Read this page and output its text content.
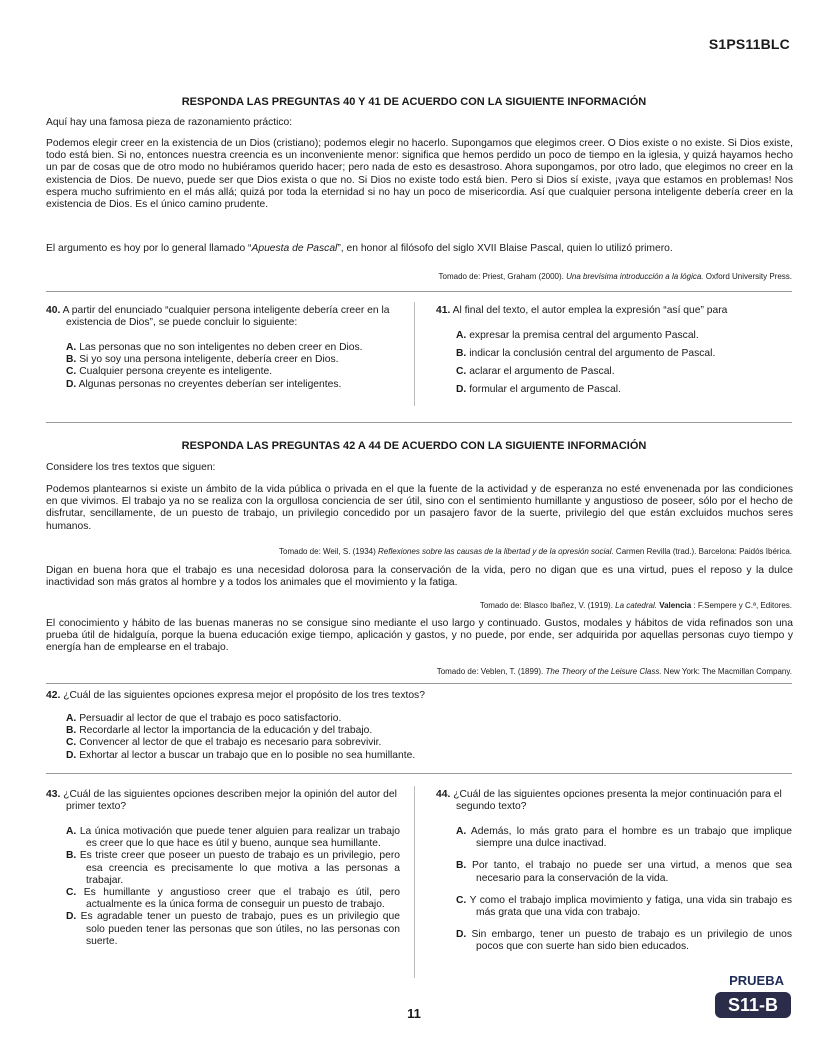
S1PS11BLC
RESPONDA LAS PREGUNTAS 40 Y 41 DE ACUERDO CON LA SIGUIENTE INFORMACIÓN
Aquí hay una famosa pieza de razonamiento práctico:
Podemos elegir creer en la existencia de un Dios (cristiano); podemos elegir no hacerlo. Supongamos que elegimos creer. O Dios existe o no existe. Si Dios existe, todo está bien. Si no, entonces nuestra creencia es un inconveniente menor: significa que hemos perdido un poco de tiempo en la iglesia, y quizá hayamos hecho un par de cosas que de otro modo no hubiéramos querido hacer; pero nada de esto es desastroso. Ahora supongamos, por otro lado, que elegimos no creer en la existencia de Dios. De nuevo, puede ser que Dios exista o que no. Si Dios no existe todo está bien. Pero si Dios sí existe, ¡vaya que estamos en problemas! Nos espera mucho sufrimiento en el más allá; quizá por toda la eternidad si no hay un poco de misericordia. Así que cualquier persona inteligente debería creer en la existencia de Dios. Es el único camino prudente.
El argumento es hoy por lo general llamado “Apuesta de Pascal”, en honor al filósofo del siglo XVII Blaise Pascal, quien lo utilizó primero.
Tomado de: Priest, Graham (2000). Una brevísima introducción a la lógica. Oxford University Press.
40. A partir del enunciado “cualquier persona inteligente debería creer en la existencia de Dios”, se puede concluir lo siguiente:
A. Las personas que no son inteligentes no deben creer en Dios.
B. Si yo soy una persona inteligente, debería creer en Dios.
C. Cualquier persona creyente es inteligente.
D. Algunas personas no creyentes deberían ser inteligentes.
41. Al final del texto, el autor emplea la expresión “así que” para
A. expresar la premisa central del argumento Pascal.
B. indicar la conclusión central del argumento de Pascal.
C. aclarar el argumento de Pascal.
D. formular el argumento de Pascal.
RESPONDA LAS PREGUNTAS 42 A 44 DE ACUERDO CON LA SIGUIENTE INFORMACIÓN
Considere los tres textos que siguen:
Podemos plantearnos si existe un ámbito de la vida pública o privada en el que la fuente de la actividad y de esperanza no esté envenenada por las condiciones en que vivimos. El trabajo ya no se realiza con la orgullosa conciencia de ser útil, sino con el sentimiento humillante y angustioso de poseer, sólo por el hecho de disfrutar, sencillamente, de un puesto de trabajo, un privilegio concedido por un pasajero favor de la suerte, privilegio del que están excluidos muchos seres humanos.
Tomado de: Weil, S. (1934) Reflexiones sobre las causas de la libertad y de la opresión social. Carmen Revilla (trad.). Barcelona: Paidós Ibérica.
Digan en buena hora que el trabajo es una necesidad dolorosa para la conservación de la vida, pero no digan que es una virtud, pues el reposo y la dulce inactividad son más gratos al hombre y a todos los animales que el movimiento y la fatiga.
Tomado de: Blasco Ibañez, V. (1919). La catedral. Valencia : F.Sempere y C.ª, Editores.
El conocimiento y hábito de las buenas maneras no se consigue sino mediante el uso largo y continuado. Gustos, modales y hábitos de vida refinados son una prueba útil de hidalguía, porque la buena educación exige tiempo, aplicación y gastos, y no puede, por ende, ser adquirida por aquellas personas cuyo tiempo y energía han de emplearse en el trabajo.
Tomado de: Veblen, T. (1899). The Theory of the Leisure Class. New York: The Macmillan Company.
42. ¿Cuál de las siguientes opciones expresa mejor el propósito de los tres textos?
A. Persuadir al lector de que el trabajo es poco satisfactorio.
B. Recordarle al lector la importancia de la educación y del trabajo.
C. Convencer al lector de que el trabajo es necesario para sobrevivir.
D. Exhortar al lector a buscar un trabajo que en lo posible no sea humillante.
43. ¿Cuál de las siguientes opciones describen mejor la opinión del autor del primer texto?
A. La única motivación que puede tener alguien para realizar un trabajo es creer que lo que hace es útil y bueno, aunque sea humillante.
B. Es triste creer que poseer un puesto de trabajo es un privilegio, pero esa creencia es precisamente lo que motiva a las personas a trabajar.
C. Es humillante y angustioso creer que el trabajo es útil, pero actualmente es la única forma de conseguir un puesto de trabajo.
D. Es agradable tener un puesto de trabajo, pues es un privilegio que solo pueden tener las personas que son útiles, no las personas con suerte.
44. ¿Cuál de las siguientes opciones presenta la mejor continuación para el segundo texto?
A. Además, lo más grato para el hombre es un trabajo que implique siempre una dulce inactivad.
B. Por tanto, el trabajo no puede ser una virtud, a menos que sea necesario para la conservación de la vida.
C. Y como el trabajo implica movimiento y fatiga, una vida sin trabajo es más grata que una vida con trabajo.
D. Sin embargo, tener un puesto de trabajo es un privilegio de unos pocos que con suerte han sido bien educados.
11
PRUEBA
S11-B
